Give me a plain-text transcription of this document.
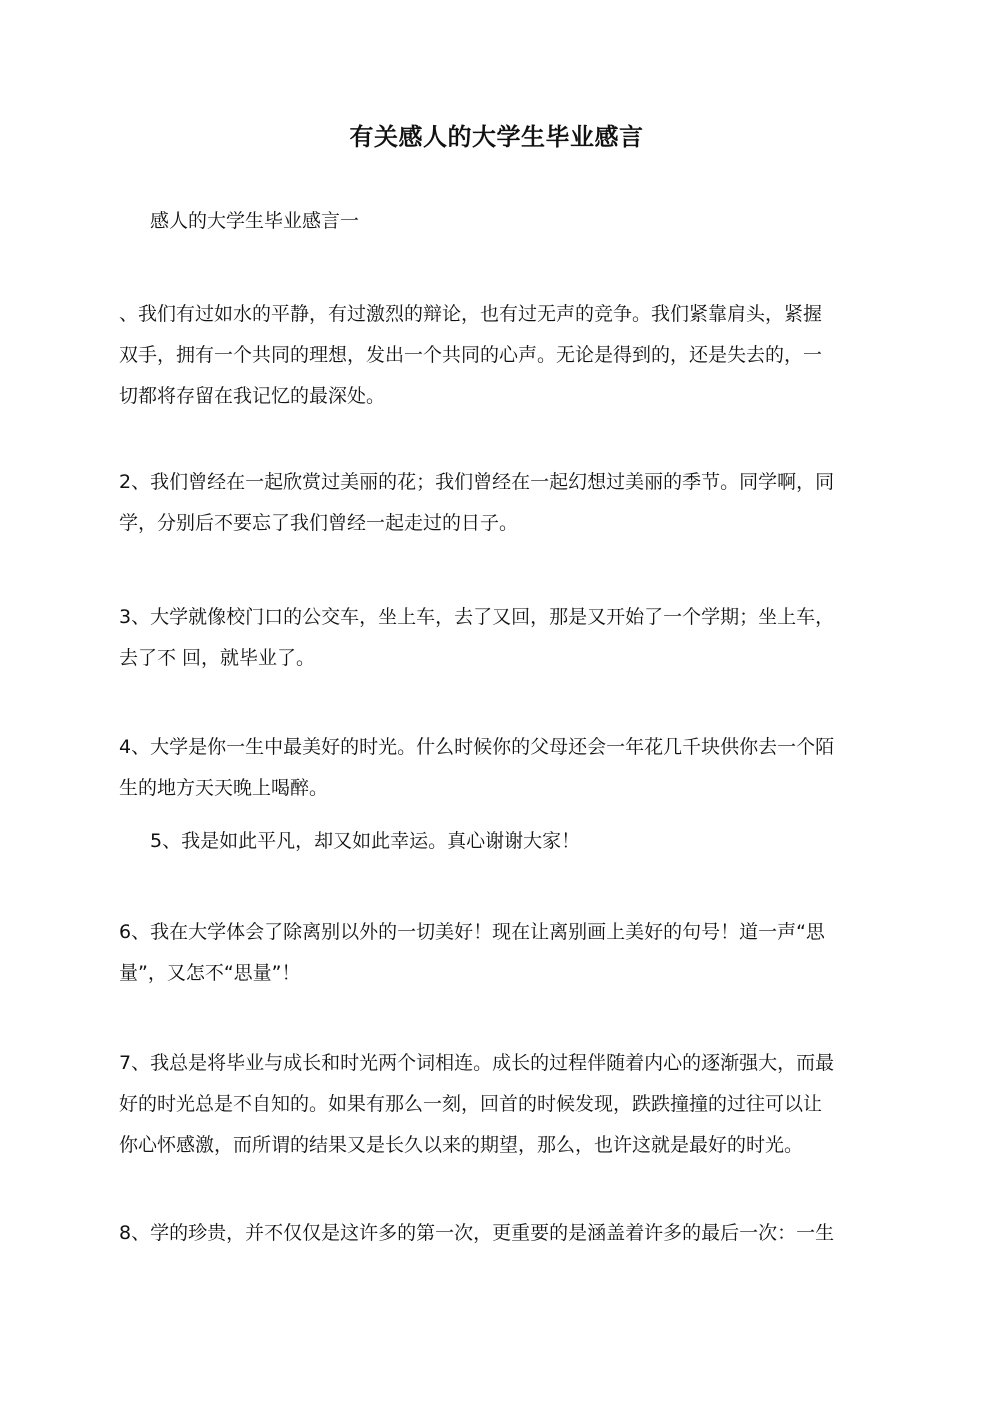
有关感人的大学生毕业感言

感人的大学生毕业感言一

、我们有过如水的平静，有过激烈的辩论，也有过无声的竞争。我们紧靠肩头，紧握
双手，拥有一个共同的理想，发出一个共同的心声。无论是得到的，还是失去的，一
切都将存留在我记忆的最深处。

2、我们曾经在一起欣赏过美丽的花；我们曾经在一起幻想过美丽的季节。同学啊，同
学，分别后不要忘了我们曾经一起走过的日子。

3、大学就像校门口的公交车，坐上车，去了又回，那是又开始了一个学期；坐上车，
去了不 回，就毕业了。

4、大学是你一生中最美好的时光。什么时候你的父母还会一年花几千块供你去一个陌
生的地方天天晚上喝醉。

5、我是如此平凡，却又如此幸运。真心谢谢大家！

6、我在大学体会了除离别以外的一切美好！现在让离别画上美好的句号！道一声“思
量”，又怎不“思量”！

7、我总是将毕业与成长和时光两个词相连。成长的过程伴随着内心的逐渐强大，而最
好的时光总是不自知的。如果有那么一刻，回首的时候发现，跌跌撞撞的过往可以让
你心怀感激，而所谓的结果又是长久以来的期望，那么，也许这就是最好的时光。

8、学的珍贵，并不仅仅是这许多的第一次，更重要的是涵盖着许多的最后一次：一生
